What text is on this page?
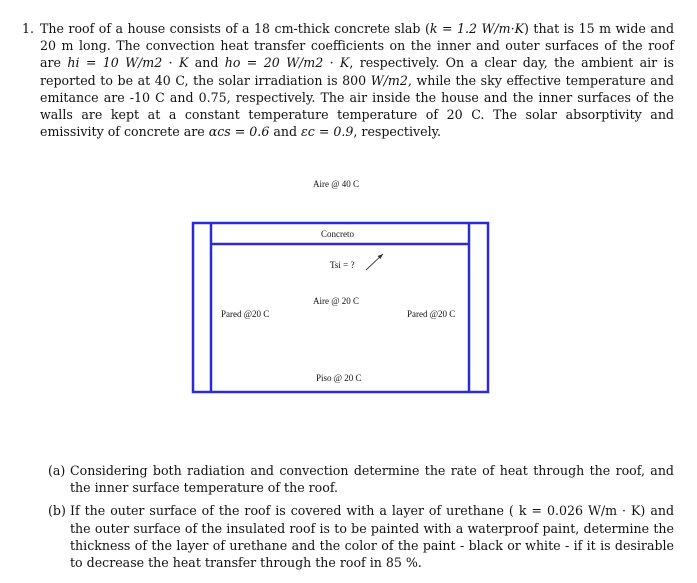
1. The roof of a house consists of a 18 cm-thick concrete slab (k = 1.2 W/m·K) that is 15 m wide and 20 m long. The convection heat transfer coefficients on the inner and outer surfaces of the roof are hi = 10 W/m2 · K and ho = 20 W/m2 · K, respectively. On a clear day, the ambient air is reported to be at 40 C, the solar irradiation is 800 W/m2, while the sky effective temperature and emitance are -10 C and 0.75, respectively. The air inside the house and the inner surfaces of the walls are kept at a constant temperature temperature of 20 C. The solar absorptivity and emissivity of concrete are αcs = 0.6 and εc = 0.9, respectively.
Aire @ 40 C
Concreto
Tsi = ?
Aire @ 20 C
Pared @20 C	Pared @20 C
Piso @ 20 C
(a) Considering both radiation and convection determine the rate of heat through the roof, and the inner surface temperature of the roof.
(b) If the outer surface of the roof is covered with a layer of urethane ( k = 0.026 W/m · K) and the outer surface of the insulated roof is to be painted with a waterproof paint, determine the thickness of the layer of urethane and the color of the paint - black or white - if it is desirable to decrease the heat transfer through the roof in 85 %.
